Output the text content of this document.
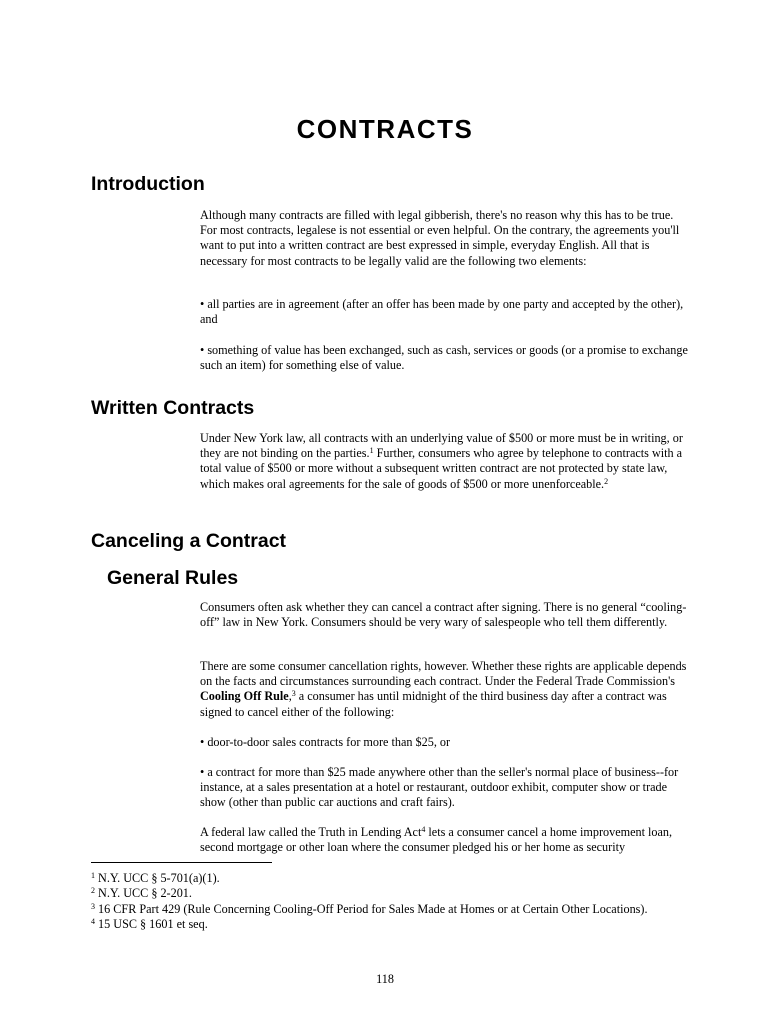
CONTRACTS
Introduction

Although many contracts are filled with legal gibberish, there's no reason why this has to be true. For most contracts, legalese is not essential or even helpful. On the contrary, the agreements you'll want to put into a written contract are best expressed in simple, everyday English. All that is necessary for most contracts to be legally valid are the following two elements:

• all parties are in agreement (after an offer has been made by one party and accepted by the other), and

• something of value has been exchanged, such as cash, services or goods (or a promise to exchange such an item) for something else of value.

Written Contracts

Under New York law, all contracts with an underlying value of $500 or more must be in writing, or they are not binding on the parties.$^1$ Further, consumers who agree by telephone to contracts with a total value of $500 or more without a subsequent written contract are not protected by state law, which makes oral agreements for the sale of goods of $500 or more unenforceable.$^2$

Canceling a Contract
General Rules

Consumers often ask whether they can cancel a contract after signing. There is no general “cooling-off” law in New York. Consumers should be very wary of salespeople who tell them differently.

There are some consumer cancellation rights, however. Whether these rights are applicable depends on the facts and circumstances surrounding each contract. Under the Federal Trade Commission's Cooling Off Rule,$^3$ a consumer has until midnight of the third business day after a contract was signed to cancel either of the following:

• door-to-door sales contracts for more than $25, or

• a contract for more than $25 made anywhere other than the seller's normal place of business--for instance, at a sales presentation at a hotel or restaurant, outdoor exhibit, computer show or trade show (other than public car auctions and craft fairs).

A federal law called the Truth in Lending Act$^4$ lets a consumer cancel a home improvement loan, second mortgage or other loan where the consumer pledged his or her home as security

$^1$ N.Y. UCC § 5-701(a)(1).

$^2$ N.Y. UCC § 2-201.

$^3$ 16 CFR Part 429 (Rule Concerning Cooling-Off Period for Sales Made at Homes or at Certain Other Locations).

$^4$ 15 USC § 1601 et seq.

118
